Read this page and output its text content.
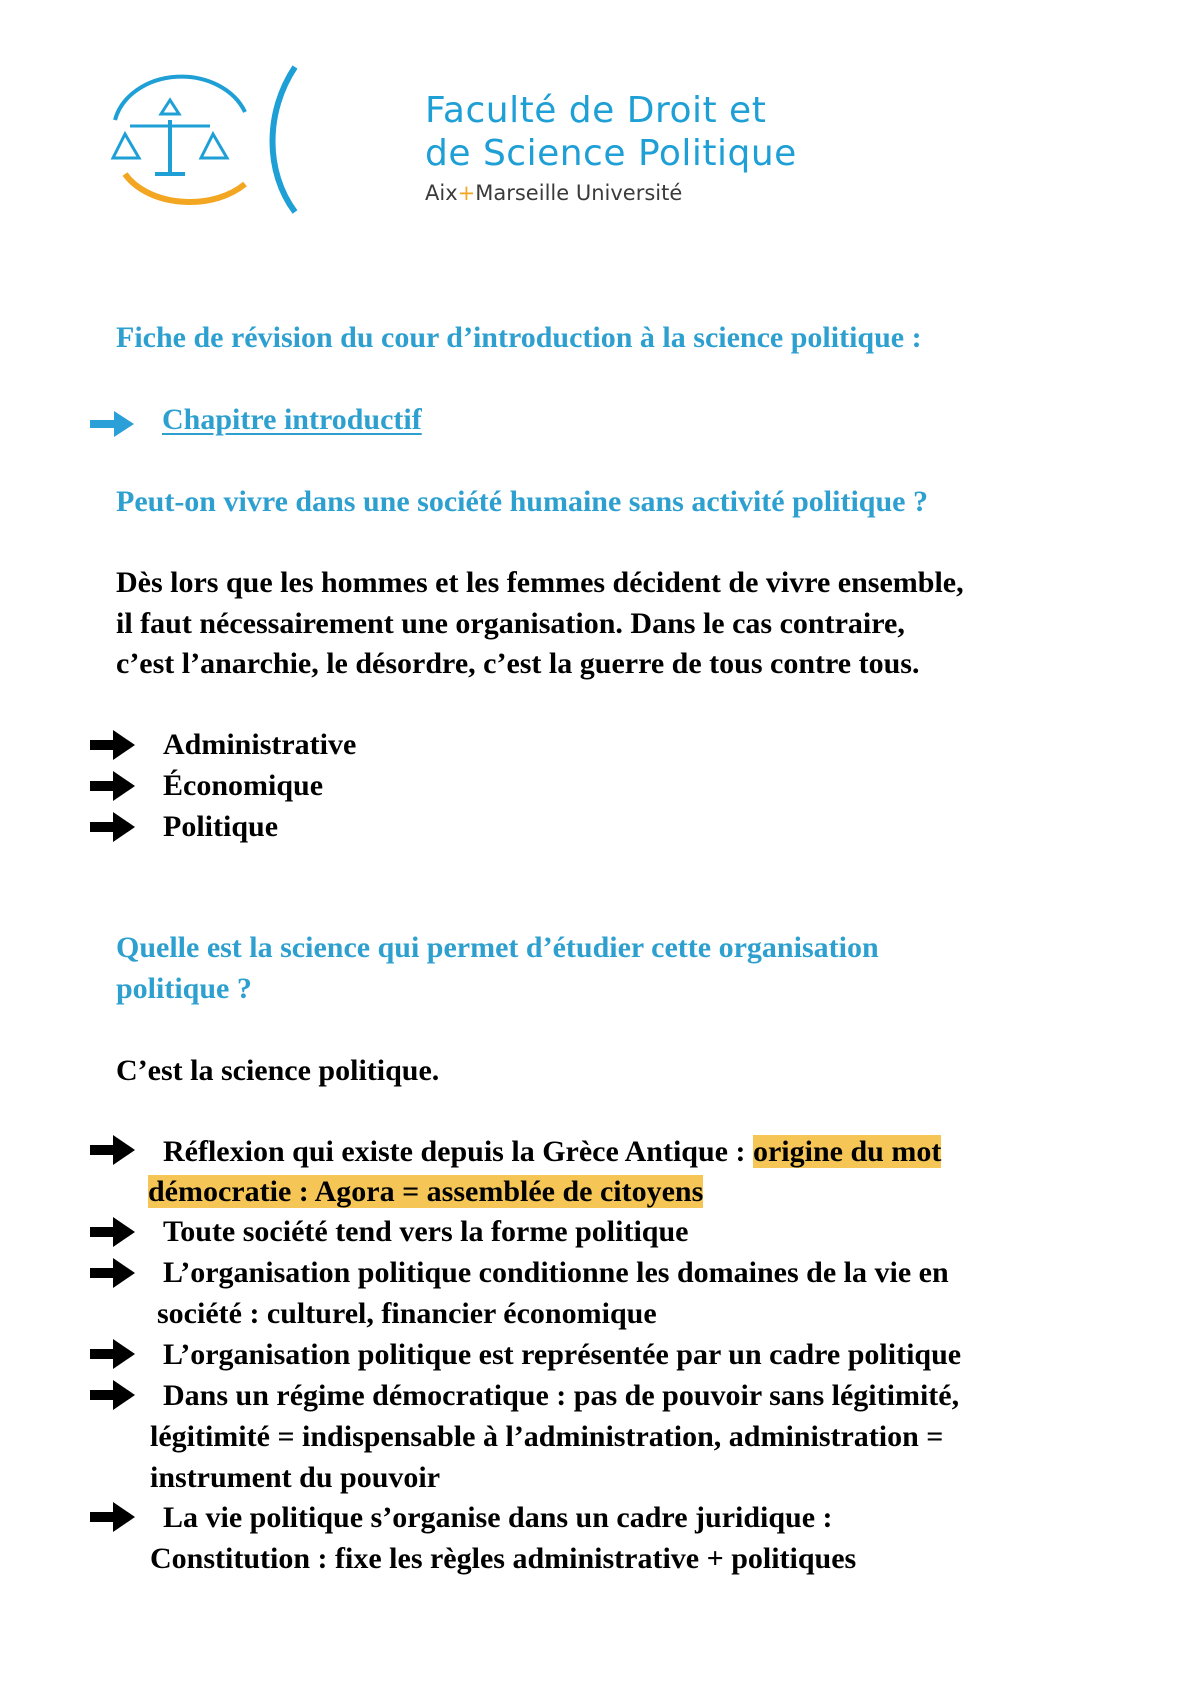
Faculté de Droit et
de Science Politique
Aix+Marseille Université
Fiche de révision du cour d’introduction à la science politique :
Chapitre introductif
Peut-on vivre dans une société humaine sans activité politique ?
Dès lors que les hommes et les femmes décident de vivre ensemble,
il faut nécessairement une organisation. Dans le cas contraire,
c’est l’anarchie, le désordre, c’est la guerre de tous contre tous.
Administrative
Économique
Politique
Quelle est la science qui permet d’étudier cette organisation
politique ?
C’est la science politique.
Réflexion qui existe depuis la Grèce Antique : origine du mot
démocratie : Agora = assemblée de citoyens
Toute société tend vers la forme politique
L’organisation politique conditionne les domaines de la vie en
société : culturel, financier économique
L’organisation politique est représentée par un cadre politique
Dans un régime démocratique : pas de pouvoir sans légitimité,
légitimité = indispensable à l’administration, administration =
instrument du pouvoir
La vie politique s’organise dans un cadre juridique :
Constitution : fixe les règles administrative + politiques
